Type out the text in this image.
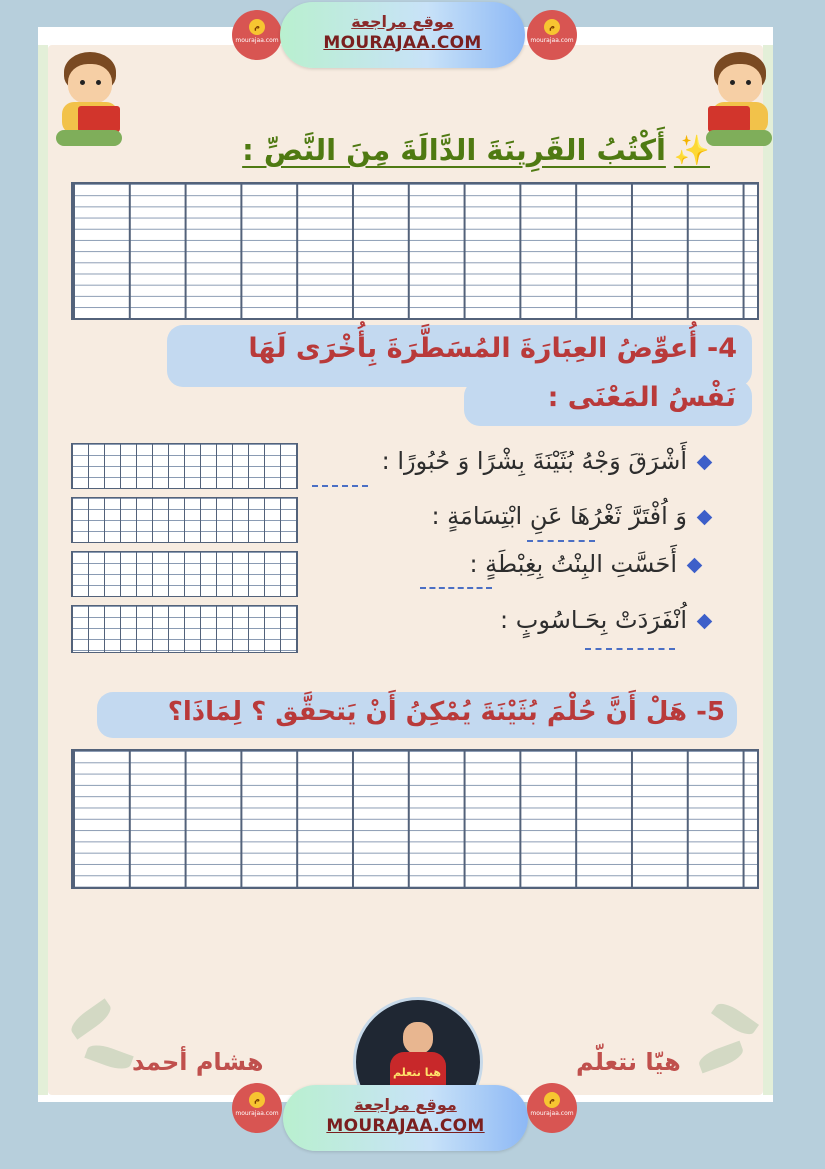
م
mourajaa.com
موقع مراجعة
MOURAJAA.COM
م
mourajaa.com
✨أَكْتُبُ القَرِينَةَ الدَّالَةَ مِنَ النَّصِّ :
4- أُعوِّضُ العِبَارَةَ المُسَطَّرَةَ بِأُخْرَى لَهَا
نَفْسُ المَعْنَى :
أَشْرَقَ وَجْهُ بُثَيْنَةَ بِشْرًا وَ حُبُورًا :
وَ اُفْتَرَّ ثَغْرُهَا عَنِ ابْتِسَامَةٍ :
أَحَسَّتِ البِنْتُ بِغِبْطَةٍ :
اُنْفَرَدَتْ بِحَـاسُوبٍ :
5- هَلْ أَنَّ حُلْمَ بُثَيْنَةَ يُمْكِنُ أَنْ يَتحقَّق ؟ لِمَاذَا؟
هشام أحمد	هيّا نتعلّم
هيا نتعلم
م
mourajaa.com	موقع مراجعة
MOURAJAA.COM
م
mourajaa.com
